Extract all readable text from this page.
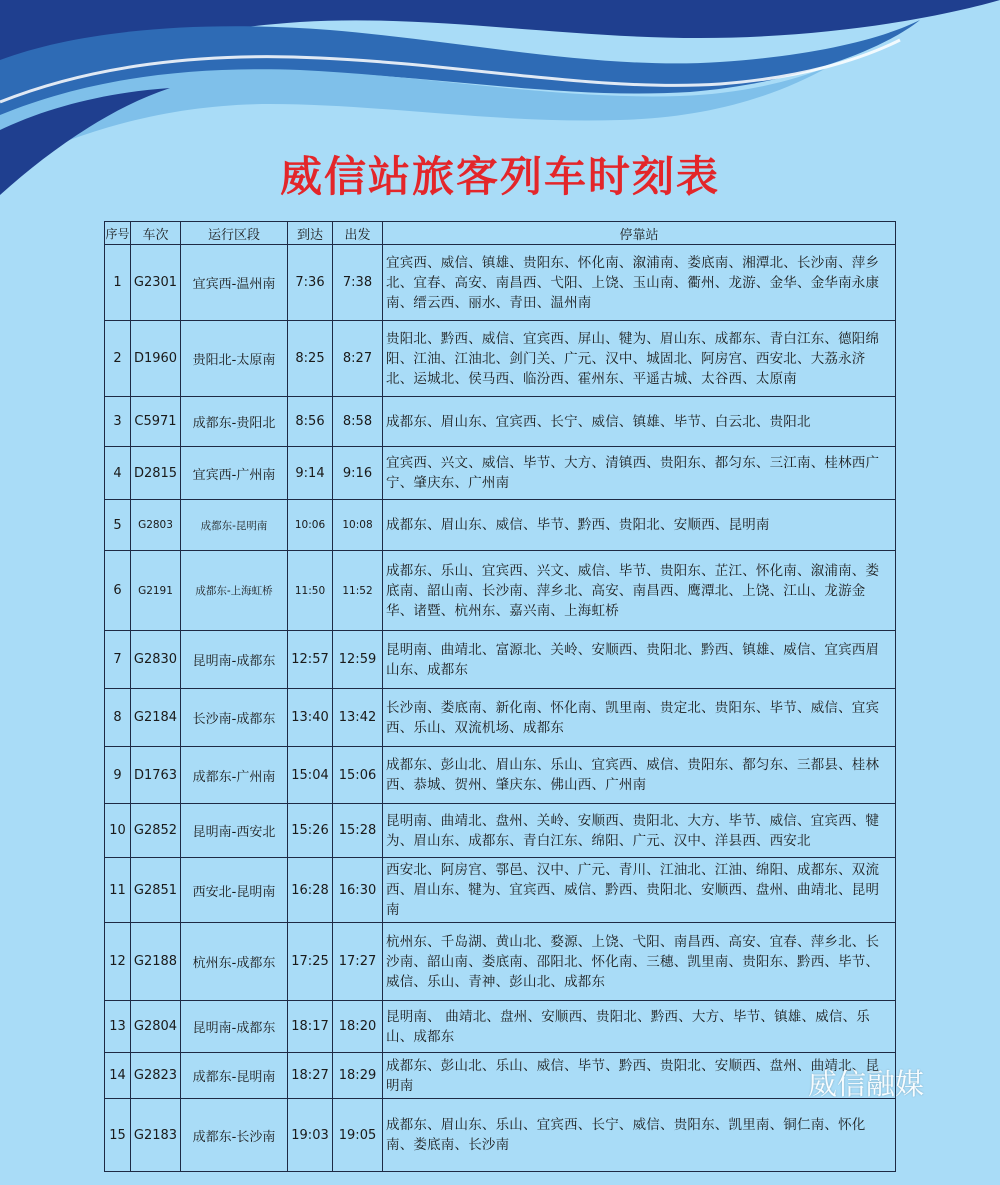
威信站旅客列车时刻表
序号	车次	运行区段	到达	出发	停靠站
1	G2301	宜宾西-温州南	7:36	7:38	宜宾西、威信、镇雄、贵阳东、怀化南、溆浦南、娄底南、湘潭北、长沙南、萍乡北、宜春、高安、南昌西、弋阳、上饶、玉山南、衢州、龙游、金华、金华南永康南、缙云西、丽水、青田、温州南
2	D1960	贵阳北-太原南	8:25	8:27	贵阳北、黔西、威信、宜宾西、屏山、犍为、眉山东、成都东、青白江东、德阳绵阳、江油、江油北、剑门关、广元、汉中、城固北、阿房宫、西安北、大荔永济北、运城北、侯马西、临汾西、霍州东、平遥古城、太谷西、太原南
3	C5971	成都东-贵阳北	8:56	8:58	成都东、眉山东、宜宾西、长宁、威信、镇雄、毕节、白云北、贵阳北
4	D2815	宜宾西-广州南	9:14	9:16	宜宾西、兴文、威信、毕节、大方、清镇西、贵阳东、都匀东、三江南、桂林西广宁、肇庆东、广州南
5	G2803	成都东-昆明南	10:06	10:08	成都东、眉山东、威信、毕节、黔西、贵阳北、安顺西、昆明南
6	G2191	成都东-上海虹桥	11:50	11:52	成都东、乐山、宜宾西、兴文、威信、毕节、贵阳东、芷江、怀化南、溆浦南、娄底南、韶山南、长沙南、萍乡北、高安、南昌西、鹰潭北、上饶、江山、龙游金华、诸暨、杭州东、嘉兴南、上海虹桥
7	G2830	昆明南-成都东	12:57	12:59	昆明南、曲靖北、富源北、关岭、安顺西、贵阳北、黔西、镇雄、威信、宜宾西眉山东、成都东
8	G2184	长沙南-成都东	13:40	13:42	长沙南、娄底南、新化南、怀化南、凯里南、贵定北、贵阳东、毕节、威信、宜宾西、乐山、双流机场、成都东
9	D1763	成都东-广州南	15:04	15:06	成都东、彭山北、眉山东、乐山、宜宾西、威信、贵阳东、都匀东、三都县、桂林西、恭城、贺州、肇庆东、佛山西、广州南
10	G2852	昆明南-西安北	15:26	15:28	昆明南、曲靖北、盘州、关岭、安顺西、贵阳北、大方、毕节、威信、宜宾西、犍为、眉山东、成都东、青白江东、绵阳、广元、汉中、洋县西、西安北
11	G2851	西安北-昆明南	16:28	16:30	西安北、阿房宫、鄠邑、汉中、广元、青川、江油北、江油、绵阳、成都东、双流西、眉山东、犍为、宜宾西、威信、黔西、贵阳北、安顺西、盘州、曲靖北、昆明南
12	G2188	杭州东-成都东	17:25	17:27	杭州东、千岛湖、黄山北、婺源、上饶、弋阳、南昌西、高安、宜春、萍乡北、长沙南、韶山南、娄底南、邵阳北、怀化南、三穗、凯里南、贵阳东、黔西、毕节、威信、乐山、青神、彭山北、成都东
13	G2804	昆明南-成都东	18:17	18:20	昆明南、 曲靖北、盘州、安顺西、贵阳北、黔西、大方、毕节、镇雄、威信、乐山、成都东
14	G2823	成都东-昆明南	18:27	18:29	成都东、彭山北、乐山、威信、毕节、黔西、贵阳北、安顺西、盘州、曲靖北、昆明南
15	G2183	成都东-长沙南	19:03	19:05	成都东、眉山东、乐山、宜宾西、长宁、威信、贵阳东、凯里南、铜仁南、怀化南、娄底南、长沙南
威信融媒
